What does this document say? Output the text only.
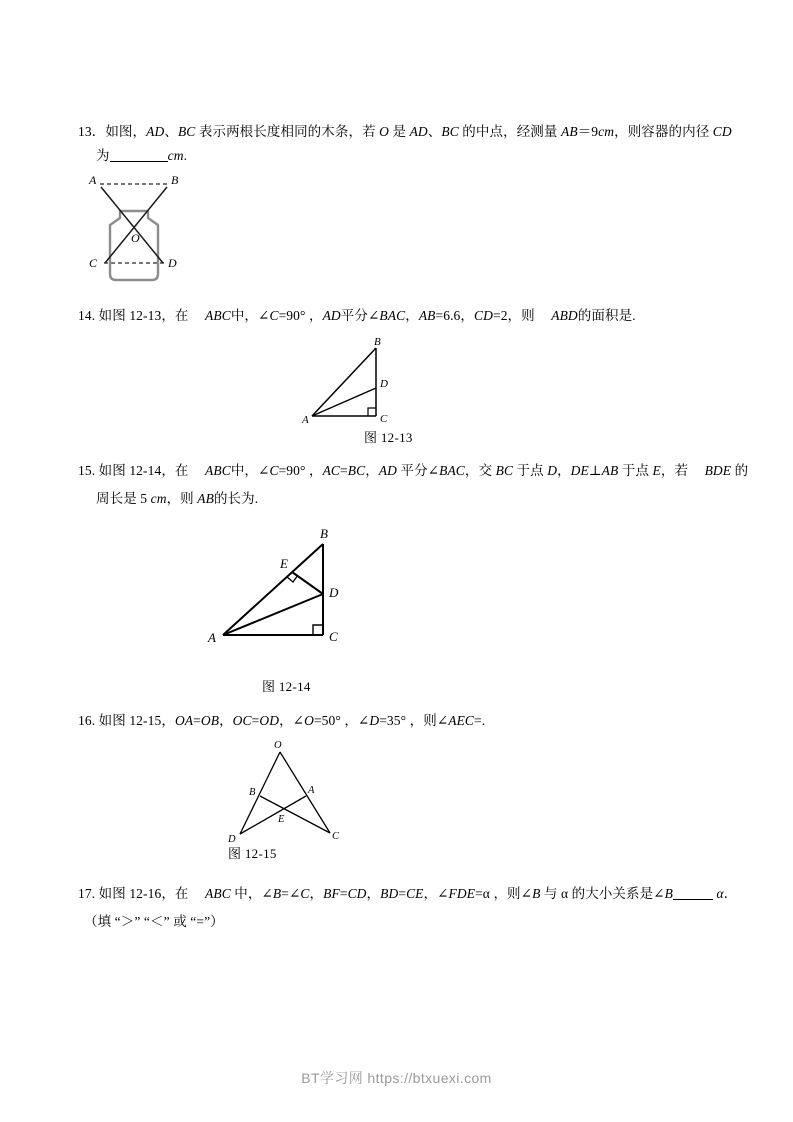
13．如图，AD、BC 表示两根长度相同的木条，若 O 是 AD、BC 的中点，经测量 AB＝9cm，则容器的内径 CD
为	cm.
A	B
O
C	D
14. 如图 12-13，在 ABC中，∠C=90° ，AD平分∠BAC，AB=6.6，CD=2，则 ABD的面积是.
B
D
C
A
图 12-13
15. 如图 12-14，在 ABC中，∠C=90° ，AC=BC，AD 平分∠BAC，交 BC 于点 D，DE⊥AB 于点 E，若 BDE 的
周长是 5 cm，则 AB的长为.
B
E
D
C
A
图 12-14
16. 如图 12-15，OA=OB，OC=OD，∠O=50° ，∠D=35° ，则∠AEC=.
O
B	A
E
D	C
图 12-15
17. 如图 12-16，在 ABC 中，∠B=∠C，BF=CD，BD=CE，∠FDE=α ，则∠B 与 α 的大小关系是∠B	α．
（填 “＞” “＜” 或 “=”）
BT学习网 https://btxuexi.com
